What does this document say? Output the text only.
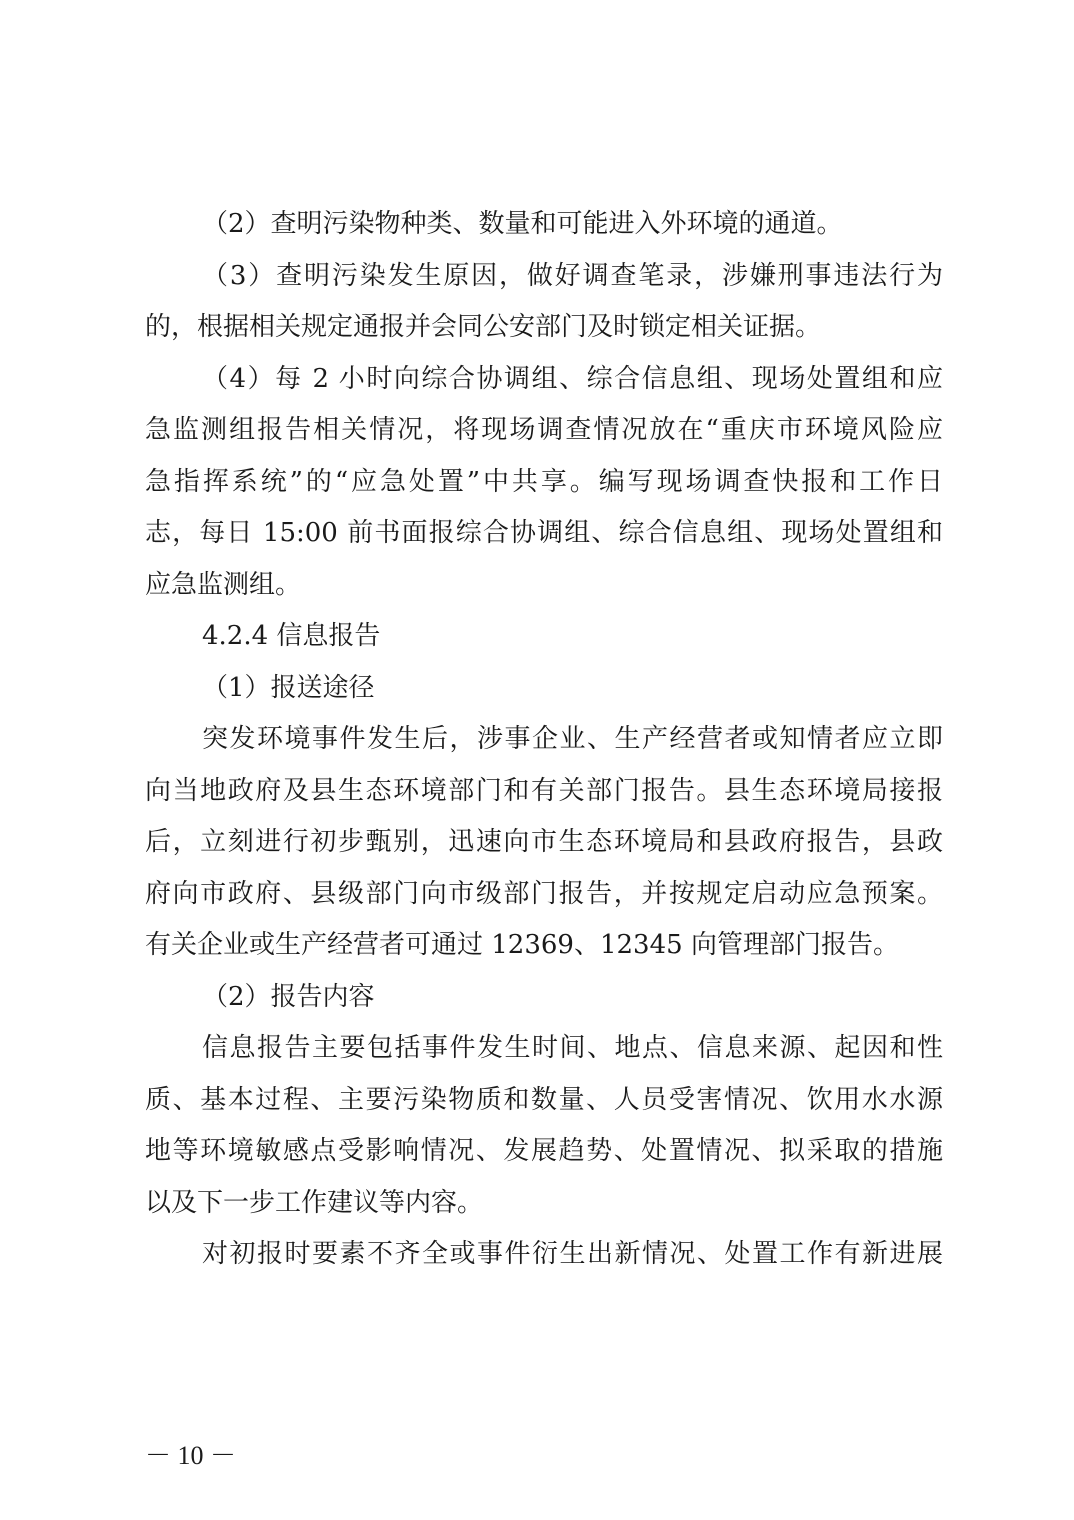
（2）查明污染物种类、数量和可能进入外环境的通道。
（3）查明污染发生原因，做好调查笔录，涉嫌刑事违法行为
的，根据相关规定通报并会同公安部门及时锁定相关证据。
（4）每 2 小时向综合协调组、综合信息组、现场处置组和应
急监测组报告相关情况，将现场调查情况放在“重庆市环境风险应
急指挥系统”的“应急处置”中共享。编写现场调查快报和工作日
志，每日 15:00 前书面报综合协调组、综合信息组、现场处置组和
应急监测组。
4.2.4 信息报告
（1）报送途径
突发环境事件发生后，涉事企业、生产经营者或知情者应立即
向当地政府及县生态环境部门和有关部门报告。县生态环境局接报
后，立刻进行初步甄别，迅速向市生态环境局和县政府报告，县政
府向市政府、县级部门向市级部门报告，并按规定启动应急预案。
有关企业或生产经营者可通过 12369、12345 向管理部门报告。
（2）报告内容
信息报告主要包括事件发生时间、地点、信息来源、起因和性
质、基本过程、主要污染物质和数量、人员受害情况、饮用水水源
地等环境敏感点受影响情况、发展趋势、处置情况、拟采取的措施
以及下一步工作建议等内容。
对初报时要素不齐全或事件衍生出新情况、处置工作有新进展
－ 10 －
